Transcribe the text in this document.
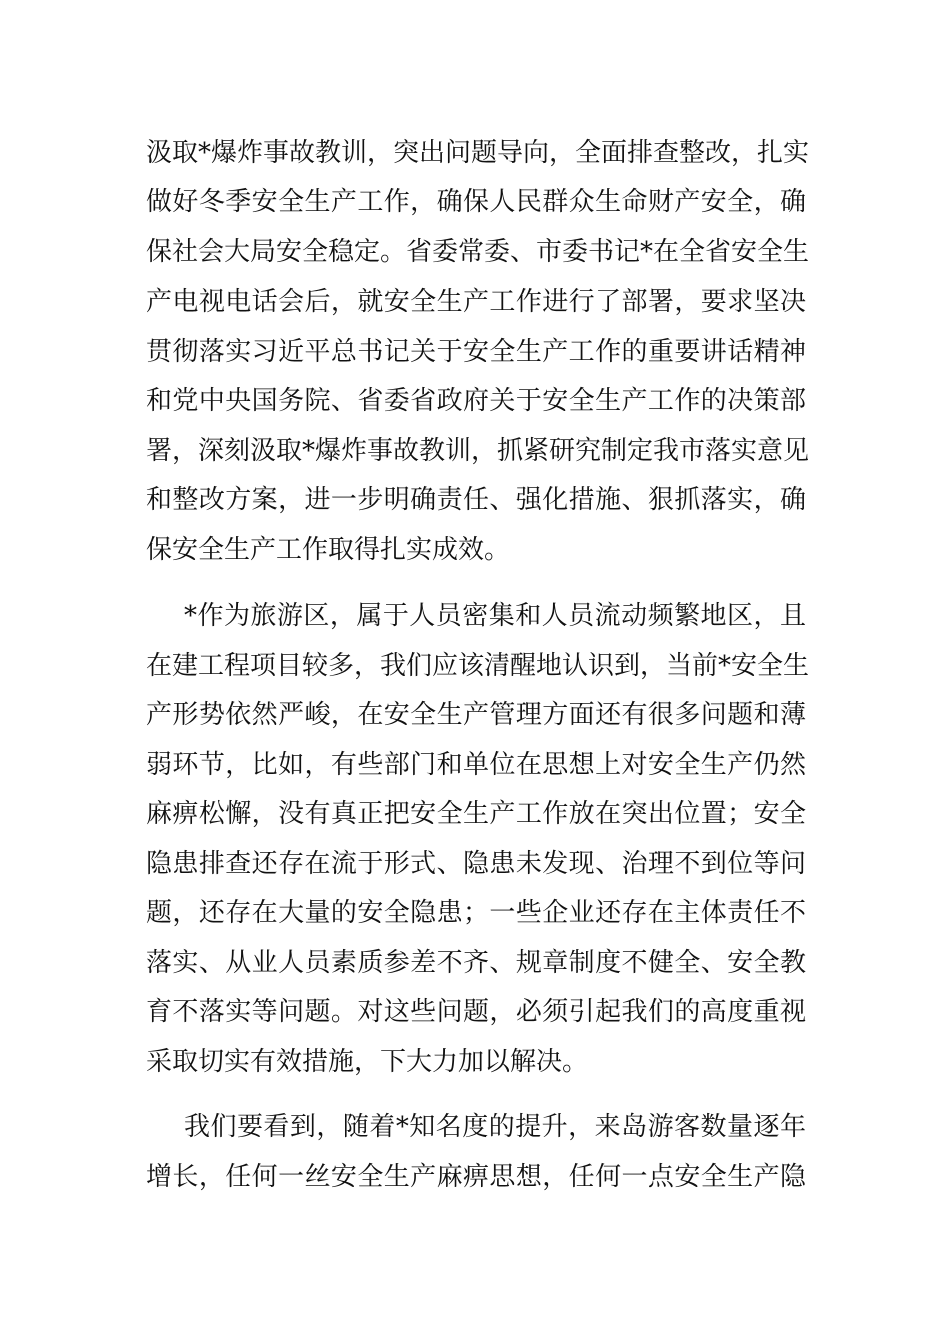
汲取*爆炸事故教训，突出问题导向，全面排查整改，扎实
做好冬季安全生产工作，确保人民群众生命财产安全，确
保社会大局安全稳定。省委常委、市委书记*在全省安全生
产电视电话会后，就安全生产工作进行了部署，要求坚决
贯彻落实习近平总书记关于安全生产工作的重要讲话精神
和党中央国务院、省委省政府关于安全生产工作的决策部
署，深刻汲取*爆炸事故教训，抓紧研究制定我市落实意见
和整改方案，进一步明确责任、强化措施、狠抓落实，确
保安全生产工作取得扎实成效。
*作为旅游区，属于人员密集和人员流动频繁地区，且
在建工程项目较多，我们应该清醒地认识到，当前*安全生
产形势依然严峻，在安全生产管理方面还有很多问题和薄
弱环节，比如，有些部门和单位在思想上对安全生产仍然
麻痹松懈，没有真正把安全生产工作放在突出位置；安全
隐患排查还存在流于形式、隐患未发现、治理不到位等问
题，还存在大量的安全隐患；一些企业还存在主体责任不
落实、从业人员素质参差不齐、规章制度不健全、安全教
育不落实等问题。对这些问题，必须引起我们的高度重视
采取切实有效措施，下大力加以解决。
我们要看到，随着*知名度的提升，来岛游客数量逐年
增长，任何一丝安全生产麻痹思想，任何一点安全生产隐
